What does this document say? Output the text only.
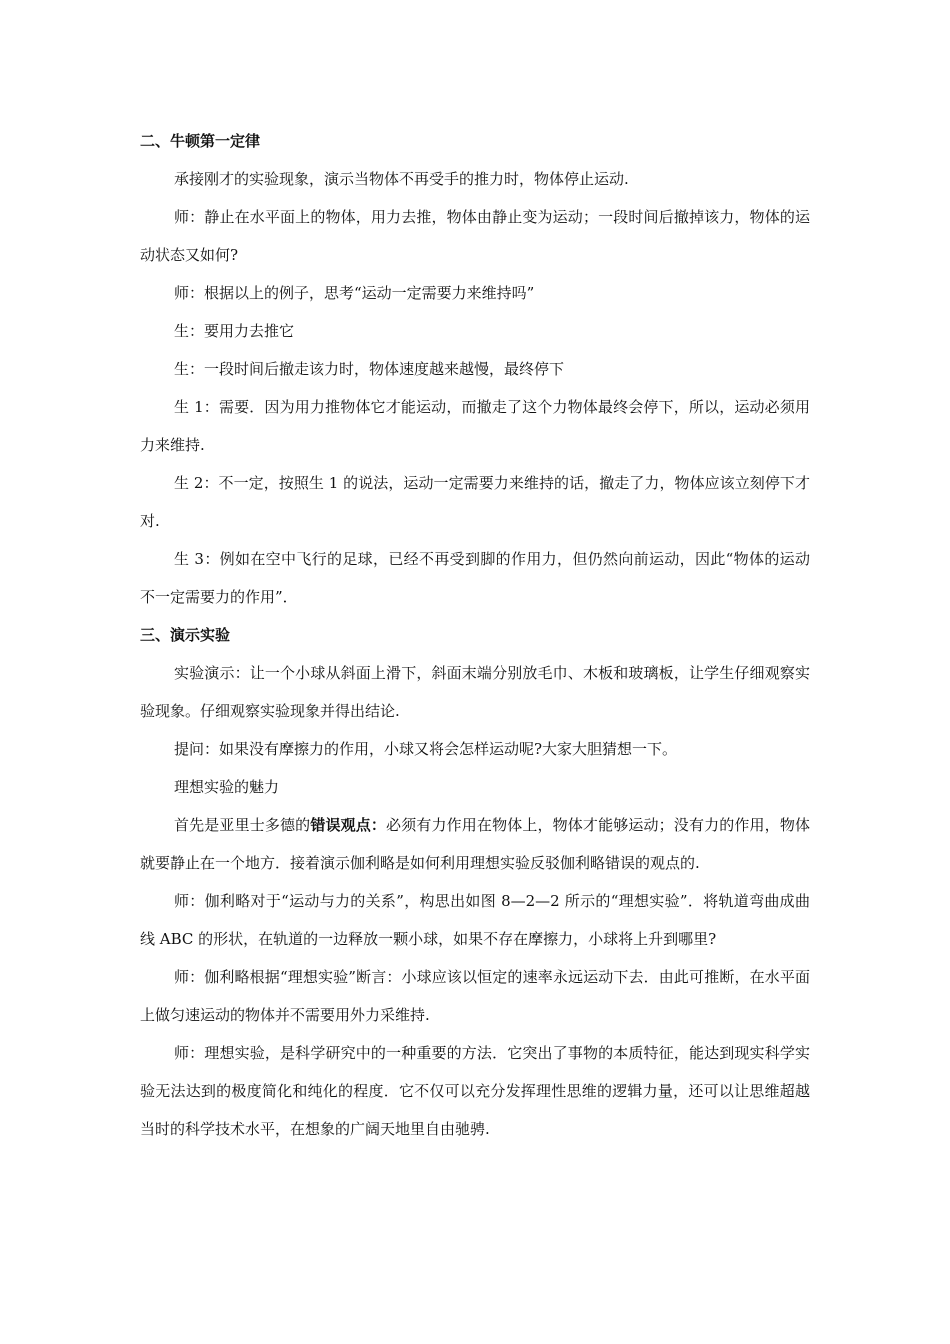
二、牛顿第一定律

承接刚才的实验现象，演示当物体不再受手的推力时，物体停止运动.

师：静止在水平面上的物体，用力去推，物体由静止变为运动；一段时间后撤掉该力，物体的运动状态又如何?

师：根据以上的例子，思考“运动一定需要力来维持吗”

生：要用力去推它

生：一段时间后撤走该力时，物体速度越来越慢，最终停下

生 1：需要．因为用力推物体它才能运动，而撤走了这个力物体最终会停下，所以，运动必须用力来维持.

生 2：不一定，按照生 1 的说法，运动一定需要力来维持的话，撤走了力，物体应该立刻停下才对.

生 3：例如在空中飞行的足球，已经不再受到脚的作用力，但仍然向前运动，因此“物体的运动不一定需要力的作用”．

三、演示实验

实验演示：让一个小球从斜面上滑下，斜面末端分别放毛巾、木板和玻璃板，让学生仔细观察实验现象。仔细观察实验现象并得出结论.

提问：如果没有摩擦力的作用，小球又将会怎样运动呢?大家大胆猜想一下。

理想实验的魅力

首先是亚里士多德的错误观点：必须有力作用在物体上，物体才能够运动；没有力的作用，物体就要静止在一个地方．接着演示伽利略是如何利用理想实验反驳伽利略错误的观点的.

师：伽利略对于“运动与力的关系”，构思出如图 8—2—2 所示的“理想实验”．将轨道弯曲成曲线 ABC 的形状，在轨道的一边释放一颗小球，如果不存在摩擦力，小球将上升到哪里?

师：伽利略根据“理想实验”断言：小球应该以恒定的速率永远运动下去．由此可推断，在水平面上做匀速运动的物体并不需要用外力采维持.

师：理想实验，是科学研究中的一种重要的方法．它突出了事物的本质特征，能达到现实科学实验无法达到的极度简化和纯化的程度．它不仅可以充分发挥理性思维的逻辑力量，还可以让思维超越当时的科学技术水平，在想象的广阔天地里自由驰骋.
